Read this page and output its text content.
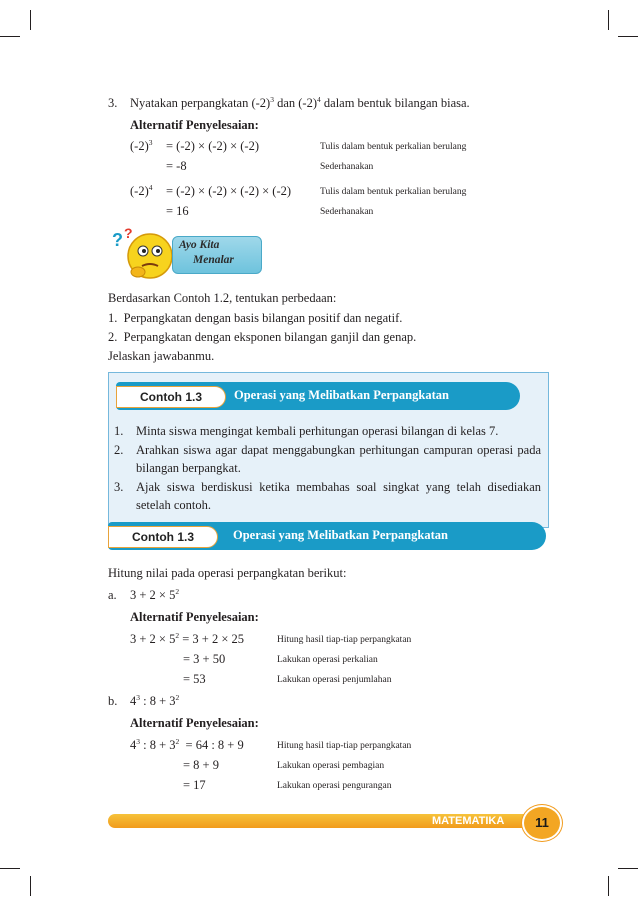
3. Nyatakan perpangkatan $(-2)^3$ dan $(-2)^4$ dalam bentuk bilangan biasa.
Alternatif Penyelesaian:
$(-2)^3 = (-2) \times (-2) \times (-2)$	Tulis dalam bentuk perkalian berulang
= -8	Sederhanakan
$(-2)^4 = (-2) \times (-2) \times (-2) \times (-2)$	Tulis dalam bentuk perkalian berulang
= 16	Sederhanakan
? ?
Ayo Kita
Menalar
Berdasarkan Contoh 1.2, tentukan perbedaan:
1.  Perpangkatan dengan basis bilangan positif dan negatif.
2.  Perpangkatan dengan eksponen bilangan ganjil dan genap.
Jelaskan jawabanmu.
Contoh 1.3	Operasi yang Melibatkan Perpangkatan
1. Minta siswa mengingat kembali perhitungan operasi bilangan di kelas 7.
2. Arahkan siswa agar dapat menggabungkan perhitungan campuran operasi pada
bilangan berpangkat.
3. Ajak siswa berdiskusi ketika membahas soal singkat yang telah disediakan
setelah contoh.
Contoh 1.3	Operasi yang Melibatkan Perpangkatan
Hitung nilai pada operasi perpangkatan berikut:
a. $3 + 2 \times 5^2$
Alternatif Penyelesaian:
$3 + 2 \times 5^2 = 3 + 2 \times 25$	Hitung hasil tiap-tiap perpangkatan
= 3 + 50	Lakukan operasi perkalian
= 53	Lakukan operasi penjumlahan
b. $4^3$ : $8 + 3^2$
Alternatif Penyelesaian:
$4^3$ : $8 + 3^2 = 64$ : 8 + 9	Hitung hasil tiap-tiap perpangkatan
= 8 + 9	Lakukan operasi pembagian
= 17	Lakukan operasi pengurangan
MATEMATIKA	11
